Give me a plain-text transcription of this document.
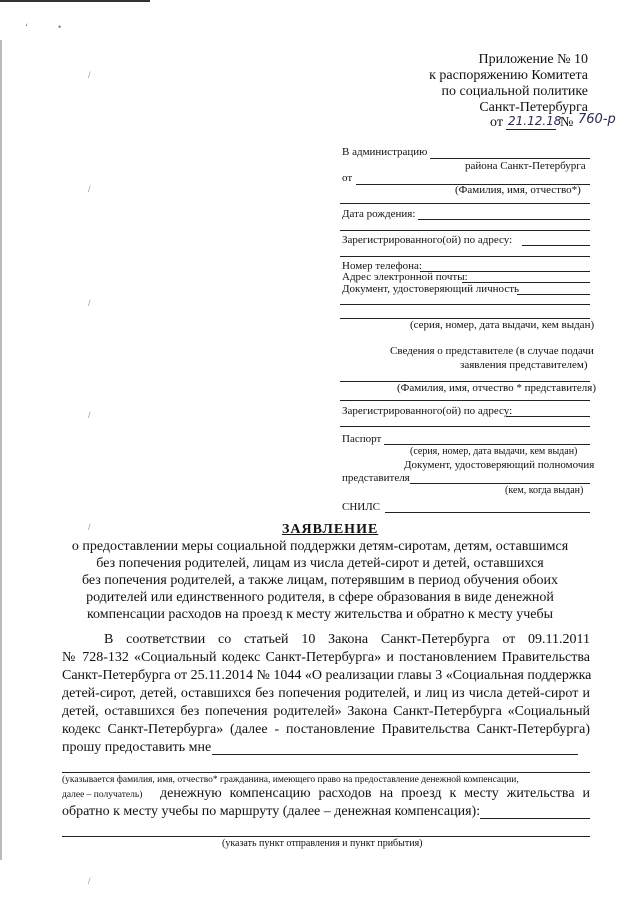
‘	•
/
/
/
/
/
/
Приложение № 10
к распоряжению Комитета
по социальной политике
Санкт-Петербурга
от 21.12.18
№ 760-р
В администрацию
района Санкт-Петербурга
от
(Фамилия, имя, отчество*)
Дата рождения:
Зарегистрированного(ой) по адресу:
Номер телефона:
Адрес электронной почты:
Документ, удостоверяющий личность
(серия, номер, дата выдачи, кем выдан)
Сведения о представителе (в случае подачи
заявления представителем)
(Фамилия, имя, отчество * представителя)
Зарегистрированного(ой) по адресу:
Паспорт
(серия, номер, дата выдачи, кем выдан)
Документ, удостоверяющий полномочия
представителя
(кем, когда выдан)
СНИЛС
ЗАЯВЛЕНИЕ
о предоставлении меры социальной поддержки детям-сиротам, детям, оставшимся
без попечения родителей, лицам из числа детей-сирот и детей, оставшихся
без попечения родителей, а также лицам, потерявшим в период обучения обоих
родителей или единственного родителя, в сфере образования в виде денежной
компенсации расходов на проезд к месту жительства и обратно к месту учебы
В соответствии со статьей 10 Закона Санкт-Петербурга от 09.11.2011
№ 728-132 «Социальный кодекс Санкт-Петербурга» и постановлением Правительства
Санкт-Петербурга от 25.11.2014 № 1044 «О реализации главы 3 «Социальная поддержка
детей-сирот, детей, оставшихся без попечения родителей, и лиц из числа детей-сирот и
детей, оставшихся без попечения родителей» Закона Санкт-Петербурга «Социальный
кодекс Санкт-Петербурга» (далее - постановление Правительства Санкт-Петербурга)
прошу предоставить мне
(указывается фамилия, имя, отчество* гражданина, имеющего право на предоставление денежной компенсации,
далее – получатель) денежную компенсацию расходов на проезд к месту жительства и
обратно к месту учебы по маршруту (далее – денежная компенсация):
(указать пункт отправления и пункт прибытия)
